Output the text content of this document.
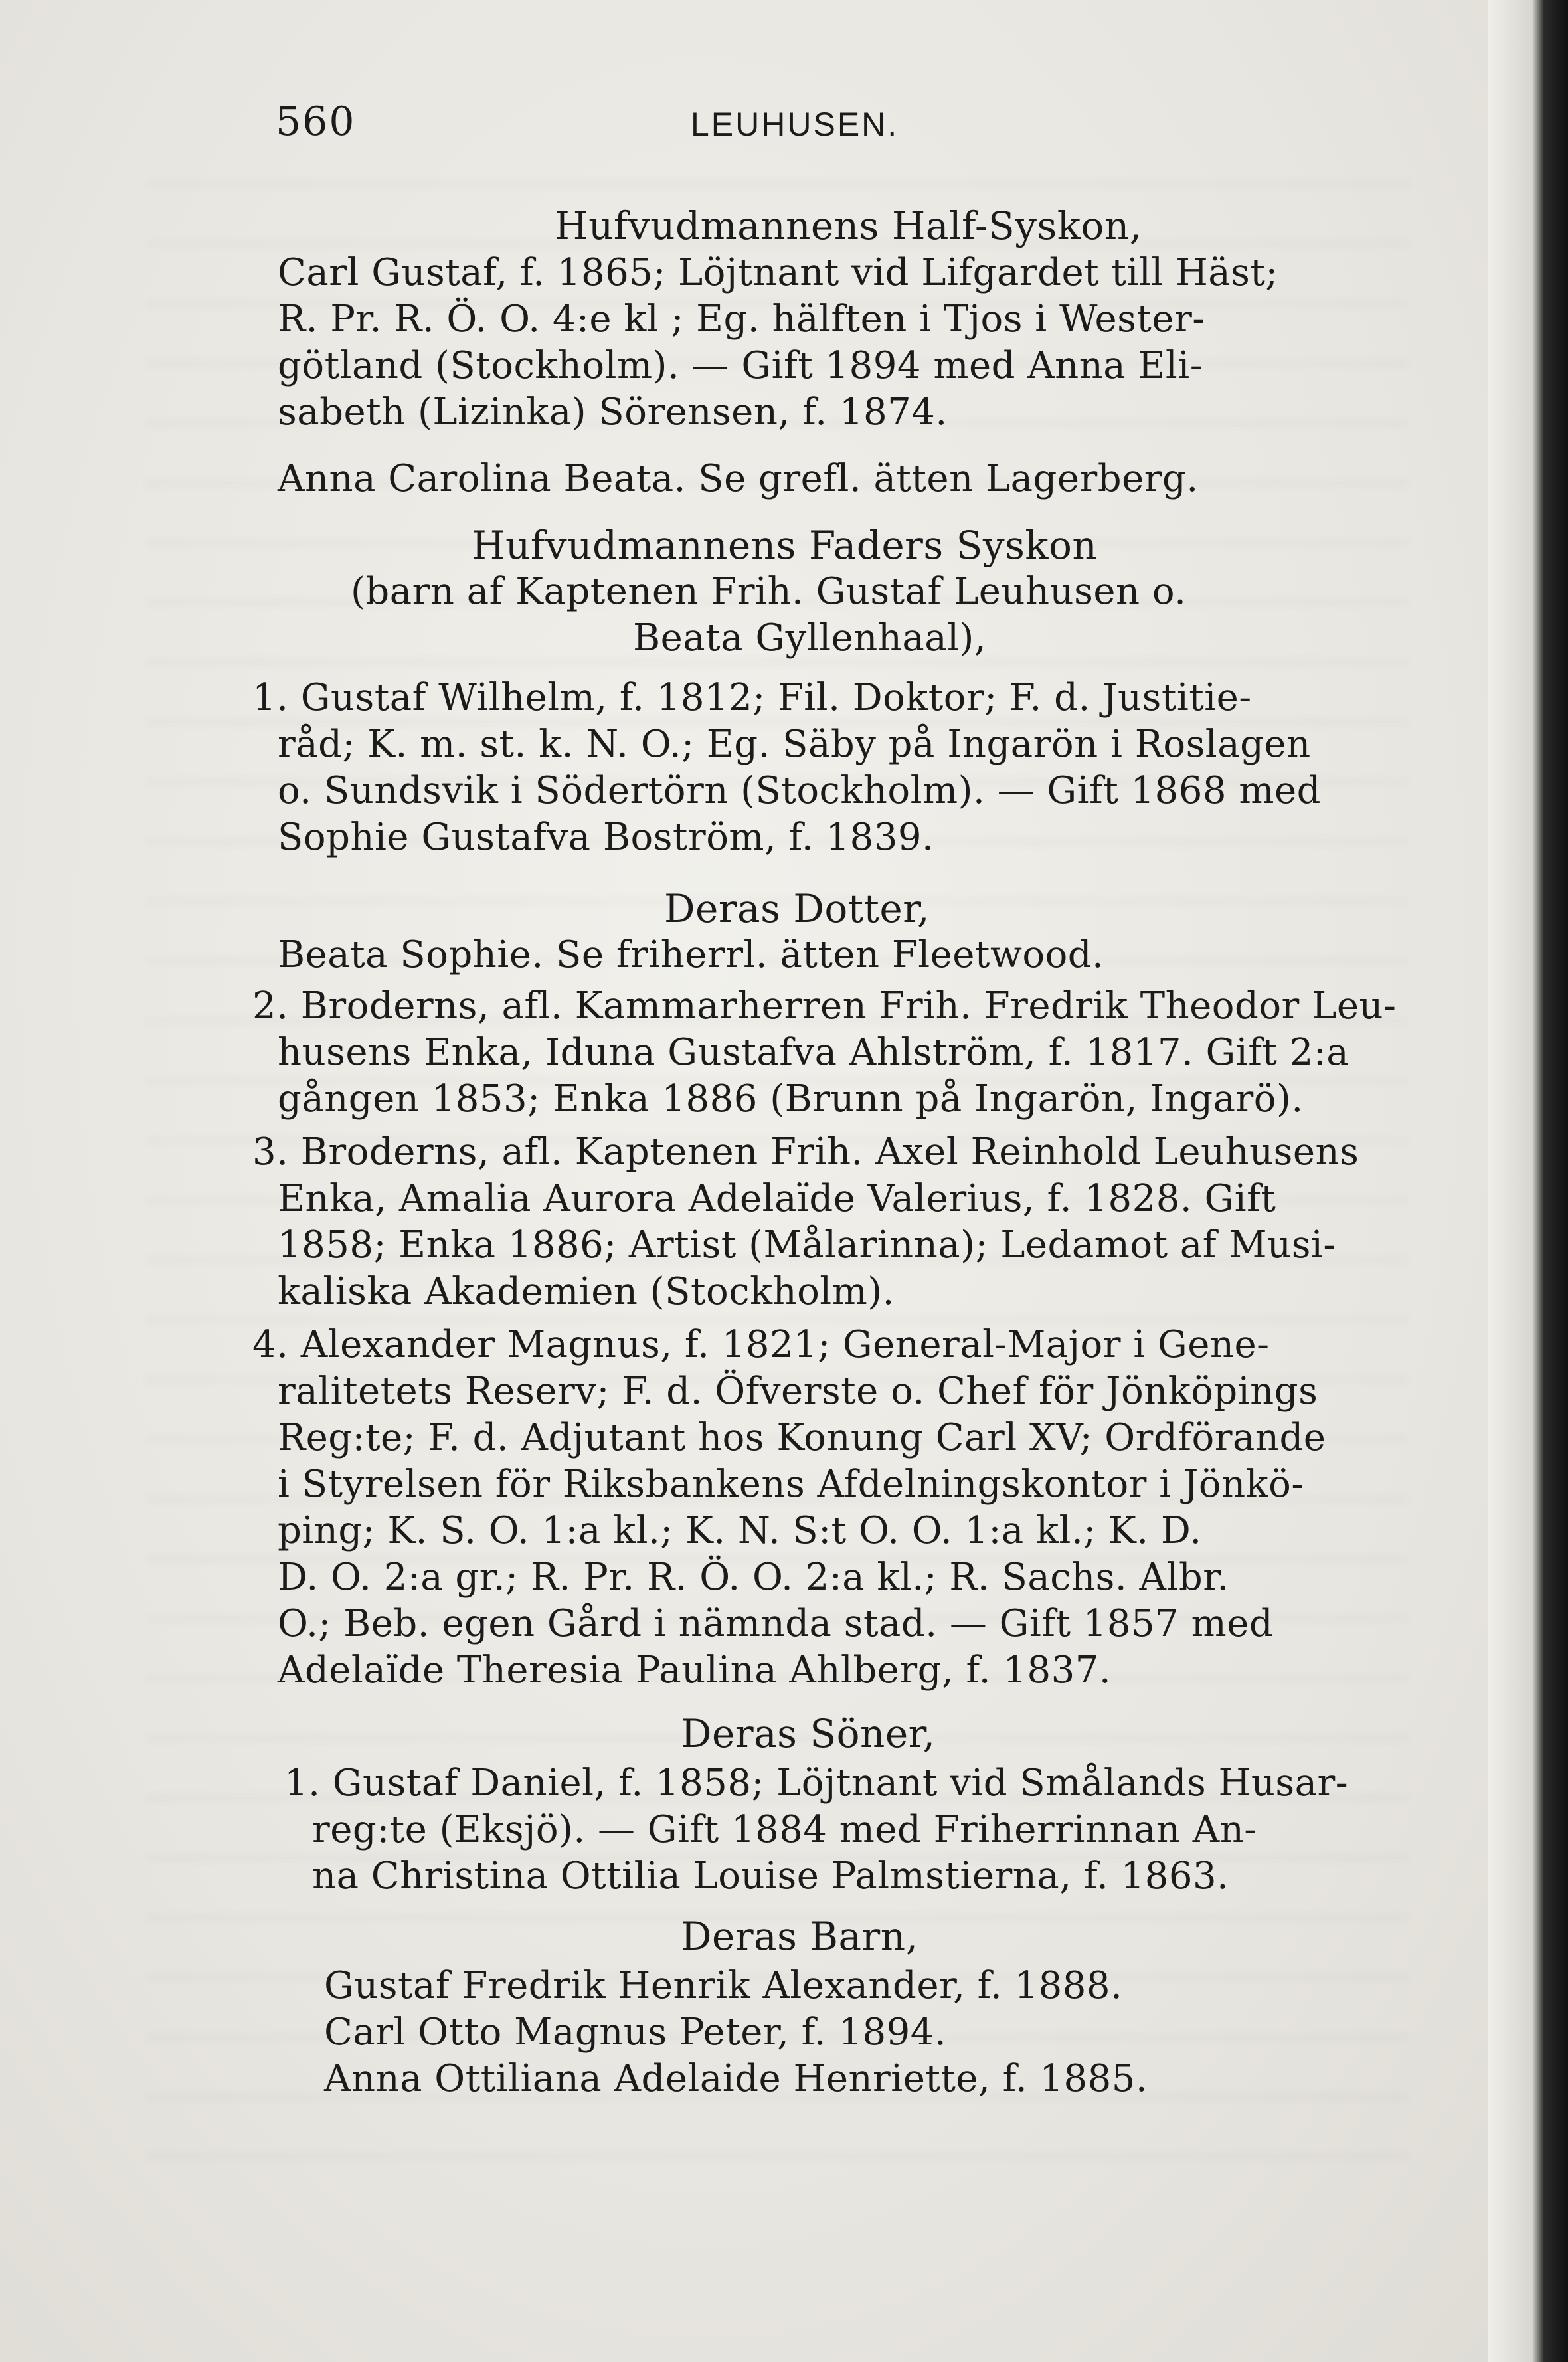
560	LEUHUSEN.
Hufvudmannens Half-Syskon,
Carl Gustaf, f. 1865; Löjtnant vid Lifgardet till Häst;
R. Pr. R. Ö. O. 4:e kl ; Eg. hälften i Tjos i Wester-
götland (Stockholm). — Gift 1894 med Anna Eli-
sabeth (Lizinka) Sörensen, f. 1874.
Anna Carolina Beata. Se grefl. ätten Lagerberg.
Hufvudmannens Faders Syskon
(barn af Kaptenen Frih. Gustaf Leuhusen o.
Beata Gyllenhaal),
1. Gustaf Wilhelm, f. 1812; Fil. Doktor; F. d. Justitie-
råd; K. m. st. k. N. O.; Eg. Säby på Ingarön i Roslagen
o. Sundsvik i Södertörn (Stockholm). — Gift 1868 med
Sophie Gustafva Boström, f. 1839.
Deras Dotter,
Beata Sophie. Se friherrl. ätten Fleetwood.
2. Broderns, afl. Kammarherren Frih. Fredrik Theodor Leu-
husens Enka, Iduna Gustafva Ahlström, f. 1817. Gift 2:a
gången 1853; Enka 1886 (Brunn på Ingarön, Ingarö).
3. Broderns, afl. Kaptenen Frih. Axel Reinhold Leuhusens
Enka, Amalia Aurora Adelaïde Valerius, f. 1828. Gift
1858; Enka 1886; Artist (Målarinna); Ledamot af Musi-
kaliska Akademien (Stockholm).
4. Alexander Magnus, f. 1821; General-Major i Gene-
ralitetets Reserv; F. d. Öfverste o. Chef för Jönköpings
Reg:te; F. d. Adjutant hos Konung Carl XV; Ordförande
i Styrelsen för Riksbankens Afdelningskontor i Jönkö-
ping; K. S. O. 1:a kl.; K. N. S:t O. O. 1:a kl.; K. D.
D. O. 2:a gr.; R. Pr. R. Ö. O. 2:a kl.; R. Sachs. Albr.
O.; Beb. egen Gård i nämnda stad. — Gift 1857 med
Adelaïde Theresia Paulina Ahlberg, f. 1837.
Deras Söner,
1. Gustaf Daniel, f. 1858; Löjtnant vid Smålands Husar-
reg:te (Eksjö). — Gift 1884 med Friherrinnan An-
na Christina Ottilia Louise Palmstierna, f. 1863.
Deras Barn,
Gustaf Fredrik Henrik Alexander, f. 1888.
Carl Otto Magnus Peter, f. 1894.
Anna Ottiliana Adelaide Henriette, f. 1885.
